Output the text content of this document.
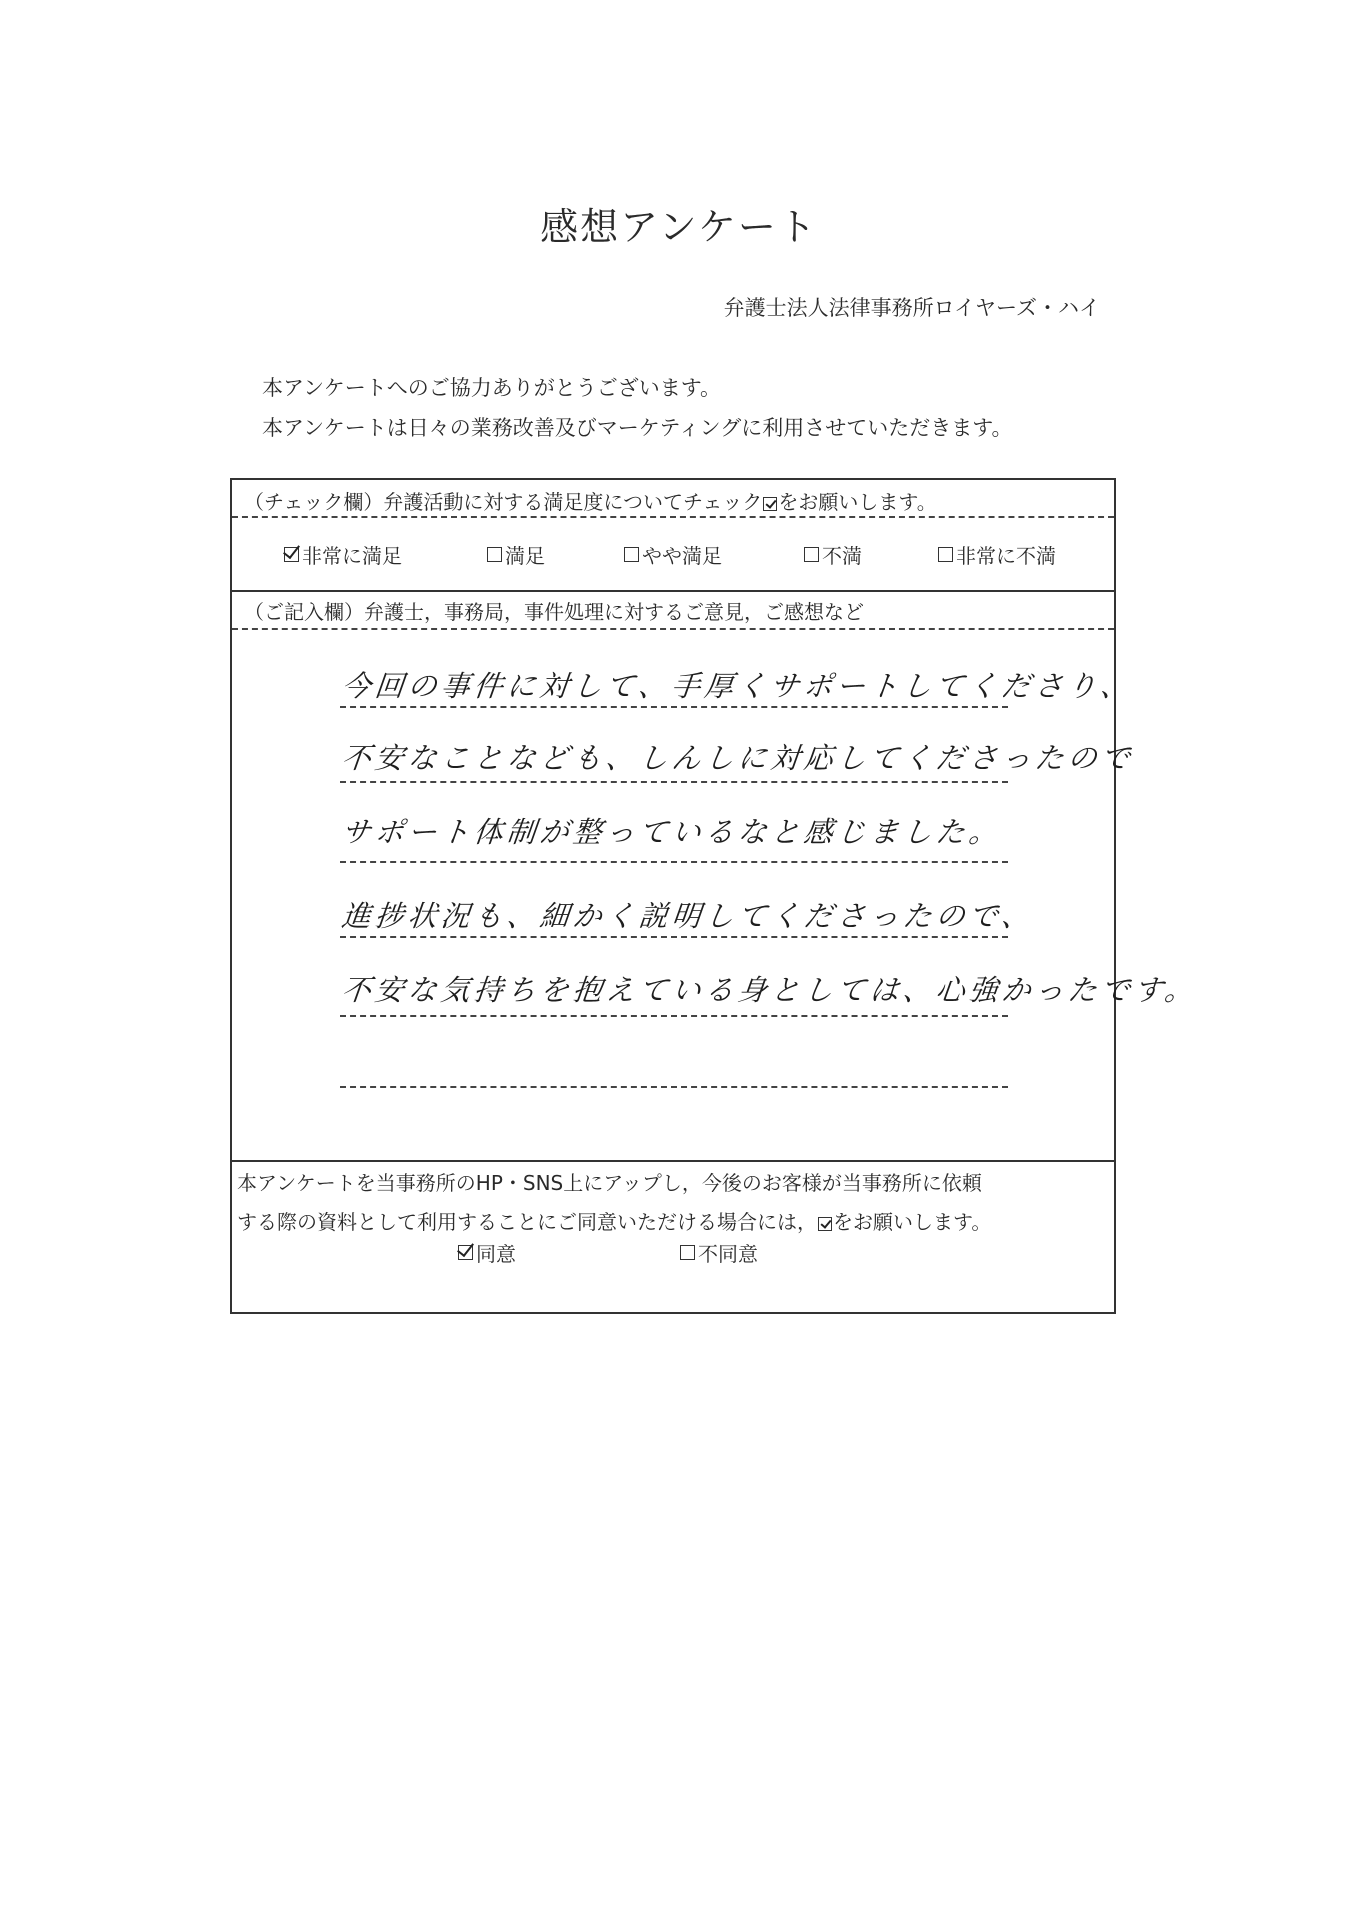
感想アンケート
弁護士法人法律事務所ロイヤーズ・ハイ
本アンケートへのご協力ありがとうございます。
本アンケートは日々の業務改善及びマーケティングに利用させていただきます。
（チェック欄）弁護活動に対する満足度についてチェック をお願いします。
非常に満足	満足	やや満足	不満	非常に不満
（ご記入欄）弁護士，事務局，事件処理に対するご意見，ご感想など
今回の事件に対して、手厚くサポートしてくださり、
不安なことなども、しんしに対応してくださったので
サポート体制が整っているなと感じました。
進捗状況も、細かく説明してくださったので、
不安な気持ちを抱えている身としては、心強かったです。
本アンケートを当事務所のHP・SNS上にアップし，今後のお客様が当事務所に依頼
する際の資料として利用することにご同意いただける場合には， をお願いします。
同意	不同意
